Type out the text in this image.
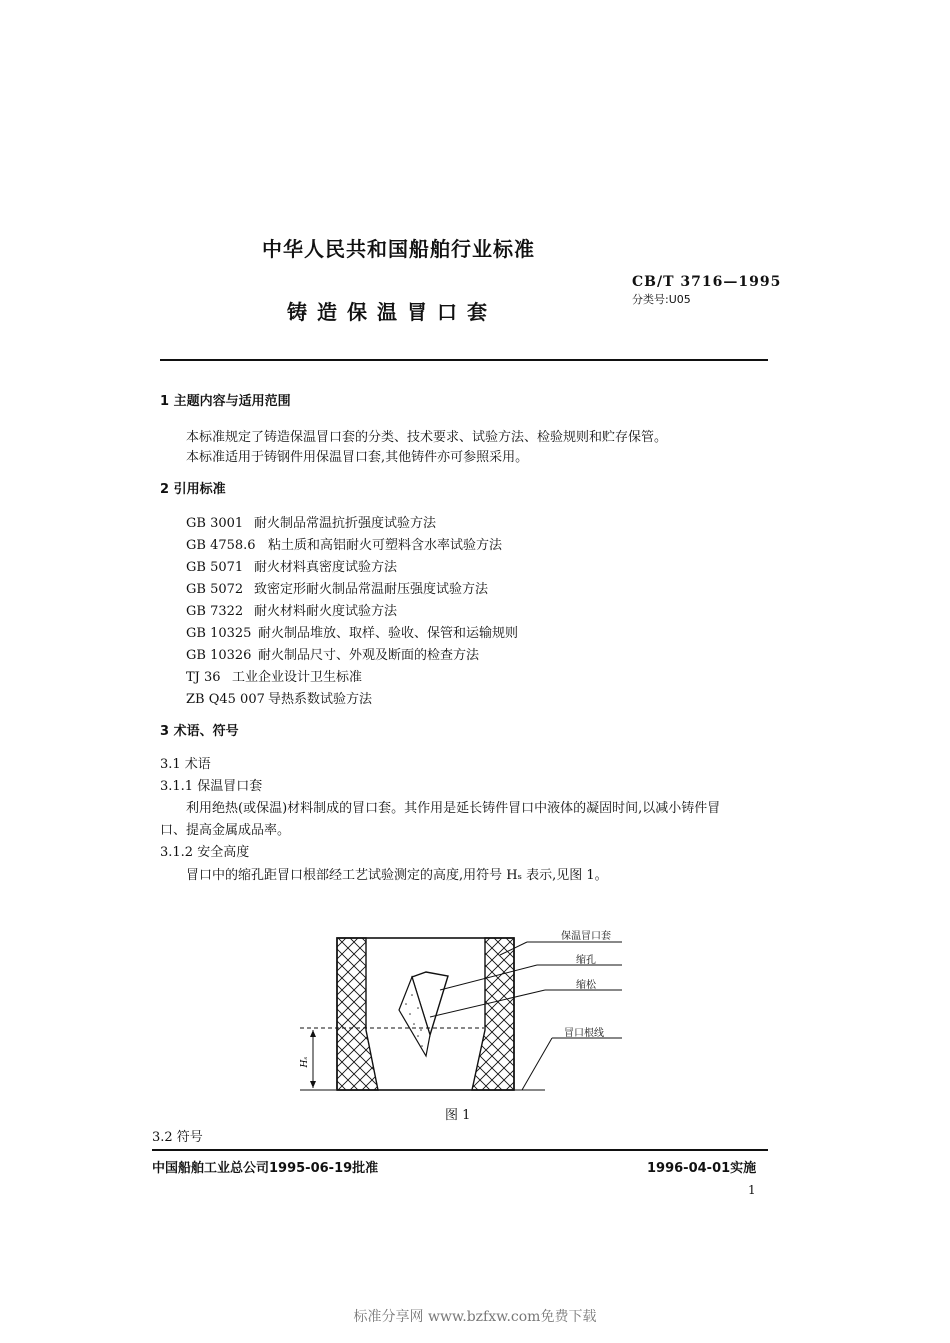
中华人民共和国船舶行业标准
CB/T 3716—1995
分类号:U05
铸造保温冒口套
1 主题内容与适用范围
本标准规定了铸造保温冒口套的分类、技术要求、试验方法、检验规则和贮存保管。
本标准适用于铸钢件用保温冒口套,其他铸件亦可参照采用。
2 引用标准
GB 3001 耐火制品常温抗折强度试验方法
GB 4758.6 粘土质和高铝耐火可塑料含水率试验方法
GB 5071 耐火材料真密度试验方法
GB 5072 致密定形耐火制品常温耐压强度试验方法
GB 7322 耐火材料耐火度试验方法
GB 10325 耐火制品堆放、取样、验收、保管和运输规则
GB 10326 耐火制品尺寸、外观及断面的检查方法
TJ 36 工业企业设计卫生标准
ZB Q45 007 导热系数试验方法
3 术语、符号
3.1 术语
3.1.1 保温冒口套
利用绝热(或保温)材料制成的冒口套。其作用是延长铸件冒口中液体的凝固时间,以减小铸件冒
口、提高金属成品率。
3.1.2 安全高度
冒口中的缩孔距冒口根部经工艺试验测定的高度,用符号 Hₛ 表示,见图 1。
Hₛ
保温冒口套
缩孔
缩松
冒口根线
图 1
3.2 符号
中国船舶工业总公司1995-06-19批准	1996-04-01实施
1
标准分享网 www.bzfxw.com免费下载
